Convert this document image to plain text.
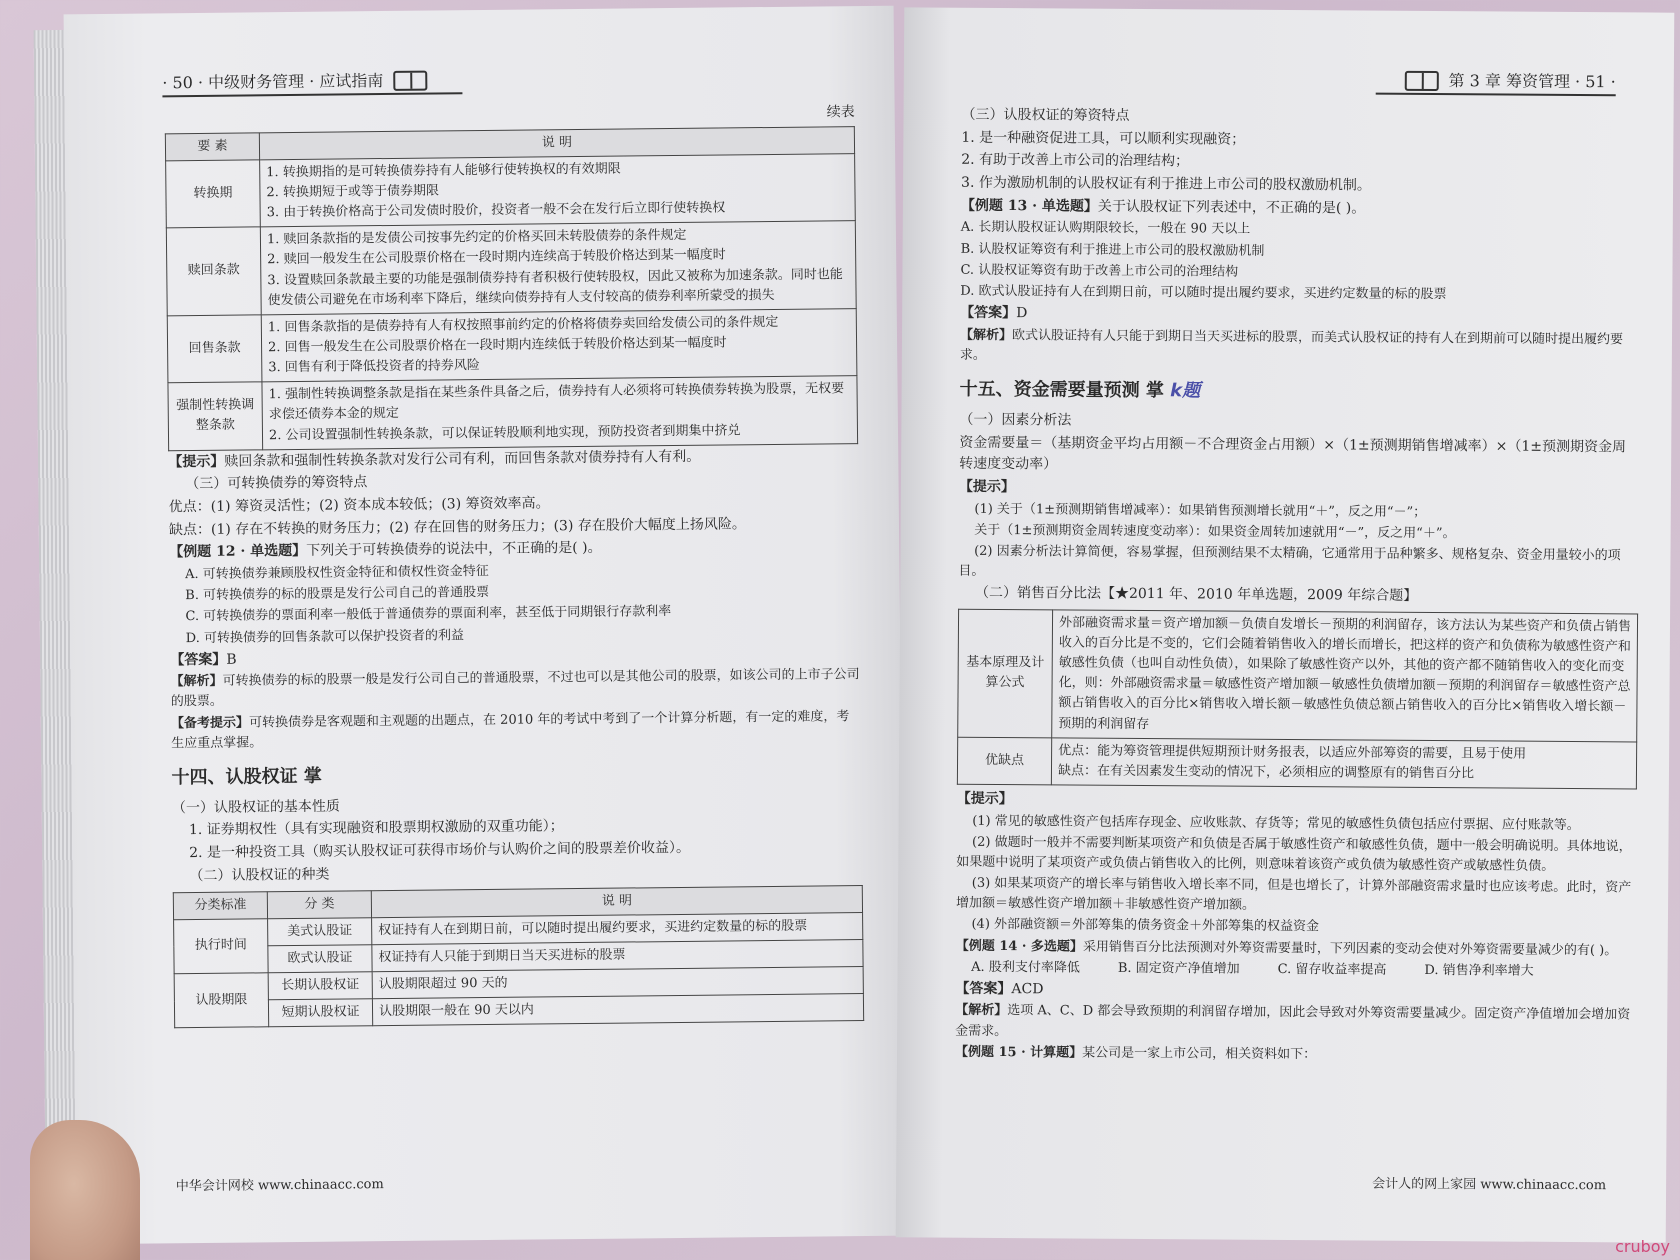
· 50 · 中级财务管理 · 应试指南
续表
要 素	说 明
转换期	1. 转换期指的是可转换债券持有人能够行使转换权的有效期限
2. 转换期短于或等于债券期限
3. 由于转换价格高于公司发债时股价，投资者一般不会在发行后立即行使转换权

赎回条款	1. 赎回条款指的是发债公司按事先约定的价格买回未转股债券的条件规定
2. 赎回一般发生在公司股票价格在一段时期内连续高于转股价格达到某一幅度时
3. 设置赎回条款最主要的功能是强制债券持有者积极行使转股权，因此又被称为加速条款。同时也能使发债公司避免在市场利率下降后，继续向债券持有人支付较高的债券利率所蒙受的损失

回售条款	1. 回售条款指的是债券持有人有权按照事前约定的价格将债券卖回给发债公司的条件规定
2. 回售一般发生在公司股票价格在一段时期内连续低于转股价格达到某一幅度时
3. 回售有利于降低投资者的持券风险

强制性转换调整条款	1. 强制性转换调整条款是指在某些条件具备之后，债券持有人必须将可转换债券转换为股票，无权要求偿还债券本金的规定
2. 公司设置强制性转换条款，可以保证转股顺利地实现，预防投资者到期集中挤兑

【提示】赎回条款和强制性转换条款对发行公司有利，而回售条款对债券持有人有利。

（三）可转换债券的筹资特点

优点：(1) 筹资灵活性；(2) 资本成本较低；(3) 筹资效率高。

缺点：(1) 存在不转换的财务压力；(2) 存在回售的财务压力；(3) 存在股价大幅度上扬风险。

【例题 12 · 单选题】下列关于可转换债券的说法中，不正确的是( )。

A. 可转换债券兼顾股权性资金特征和债权性资金特征

B. 可转换债券的标的股票是发行公司自己的普通股票

C. 可转换债券的票面利率一般低于普通债券的票面利率，甚至低于同期银行存款利率

D. 可转换债券的回售条款可以保护投资者的利益

【答案】B

【解析】可转换债券的标的股票一般是发行公司自己的普通股票，不过也可以是其他公司的股票，如该公司的上市子公司的股票。

【备考提示】可转换债券是客观题和主观题的出题点，在 2010 年的考试中考到了一个计算分析题，有一定的难度，考生应重点掌握。

十四、认股权证 掌

（一）认股权证的基本性质

1. 证券期权性（具有实现融资和股票期权激励的双重功能）；

2. 是一种投资工具（购买认股权证可获得市场价与认购价之间的股票差价收益）。

（二）认股权证的种类

分类标准	分 类	说 明
执行时间	美式认股证	权证持有人在到期日前，可以随时提出履约要求，买进约定数量的标的股票
	欧式认股证	权证持有人只能于到期日当天买进标的股票
认股期限	长期认股权证	认股期限超过 90 天的
	短期认股权证	认股期限一般在 90 天以内
中华会计网校 www.chinaacc.com
第 3 章 筹资管理 · 51 ·

（三）认股权证的筹资特点

1. 是一种融资促进工具，可以顺利实现融资；

2. 有助于改善上市公司的治理结构；

3. 作为激励机制的认股权证有利于推进上市公司的股权激励机制。

【例题 13 · 单选题】关于认股权证下列表述中，不正确的是( )。

A. 长期认股权证认购期限较长，一般在 90 天以上

B. 认股权证筹资有利于推进上市公司的股权激励机制

C. 认股权证筹资有助于改善上市公司的治理结构

D. 欧式认股证持有人在到期日前，可以随时提出履约要求，买进约定数量的标的股票

【答案】D

【解析】欧式认股证持有人只能于到期日当天买进标的股票，而美式认股权证的持有人在到期前可以随时提出履约要求。

十五、资金需要量预测 掌 k题

（一）因素分析法

资金需要量＝（基期资金平均占用额－不合理资金占用额）×（1±预测期销售增减率）×（1±预测期资金周转速度变动率）

【提示】

(1) 关于（1±预测期销售增减率）：如果销售预测增长就用“＋”，反之用“－”；

关于（1±预测期资金周转速度变动率）：如果资金周转加速就用“－”，反之用“＋”。

(2) 因素分析法计算简便，容易掌握，但预测结果不太精确，它通常用于品种繁多、规格复杂、资金用量较小的项目。

（二）销售百分比法【★2011 年、2010 年单选题，2009 年综合题】

基本原理及计算公式	外部融资需求量＝资产增加额－负债自发增长－预期的利润留存，该方法认为某些资产和负债占销售收入的百分比是不变的，它们会随着销售收入的增长而增长，把这样的资产和负债称为敏感性资产和敏感性负债（也叫自动性负债），如果除了敏感性资产以外，其他的资产都不随销售收入的变化而变化，则：外部融资需求量＝敏感性资产增加额－敏感性负债增加额－预期的利润留存＝敏感性资产总额占销售收入的百分比×销售收入增长额－敏感性负债总额占销售收入的百分比×销售收入增长额－预期的利润留存
优缺点	优点：能为筹资管理提供短期预计财务报表，以适应外部筹资的需要，且易于使用
缺点：在有关因素发生变动的情况下，必须相应的调整原有的销售百分比

【提示】

(1) 常见的敏感性资产包括库存现金、应收账款、存货等；常见的敏感性负债包括应付票据、应付账款等。

(2) 做题时一般并不需要判断某项资产和负债是否属于敏感性资产和敏感性负债，题中一般会明确说明。具体地说，如果题中说明了某项资产或负债占销售收入的比例，则意味着该资产或负债为敏感性资产或敏感性负债。

(3) 如果某项资产的增长率与销售收入增长率不同，但是也增长了，计算外部融资需求量时也应该考虑。此时，资产增加额＝敏感性资产增加额＋非敏感性资产增加额。

(4) 外部融资额＝外部筹集的债务资金＋外部筹集的权益资金

【例题 14 · 多选题】采用销售百分比法预测对外筹资需要量时，下列因素的变动会使对外筹资需要量减少的有( )。

A. 股利支付率降低	B. 固定资产净值增加	C. 留存收益率提高	D. 销售净利率增大

【答案】ACD

【解析】选项 A、C、D 都会导致预期的利润留存增加，因此会导致对外筹资需要量减少。固定资产净值增加会增加资金需求。

【例题 15 · 计算题】某公司是一家上市公司，相关资料如下：

会计人的网上家园 www.chinaacc.com
cruboy
